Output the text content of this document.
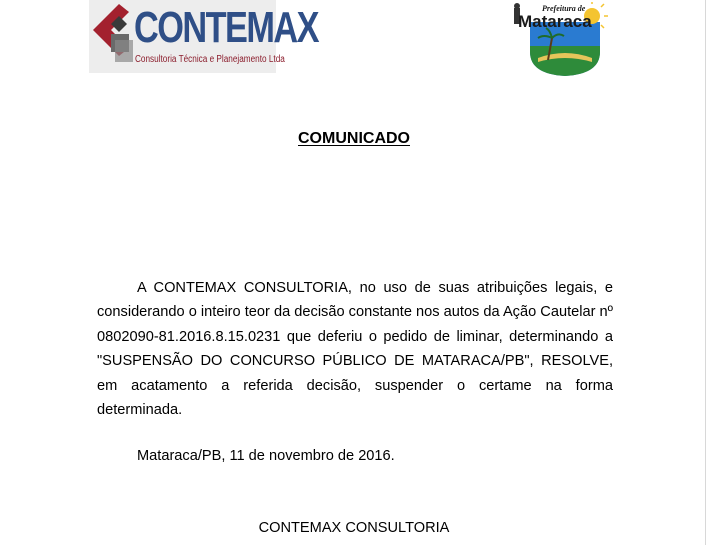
CONTEMAX
Consultoria Técnica e Planejamento Ltda
Prefeitura de
Mataraca
COMUNICADO

A CONTEMAX CONSULTORIA, no uso de suas atribuições legais, e considerando o inteiro teor da decisão constante nos autos da Ação Cautelar nº 0802090-81.2016.8.15.0231 que deferiu o pedido de liminar, determinando a "SUSPENSÃO DO CONCURSO PÚBLICO DE MATARACA/PB", RESOLVE, em acatamento a referida decisão, suspender o certame na forma determinada.

Mataraca/PB, 11 de novembro de 2016.
CONTEMAX CONSULTORIA
